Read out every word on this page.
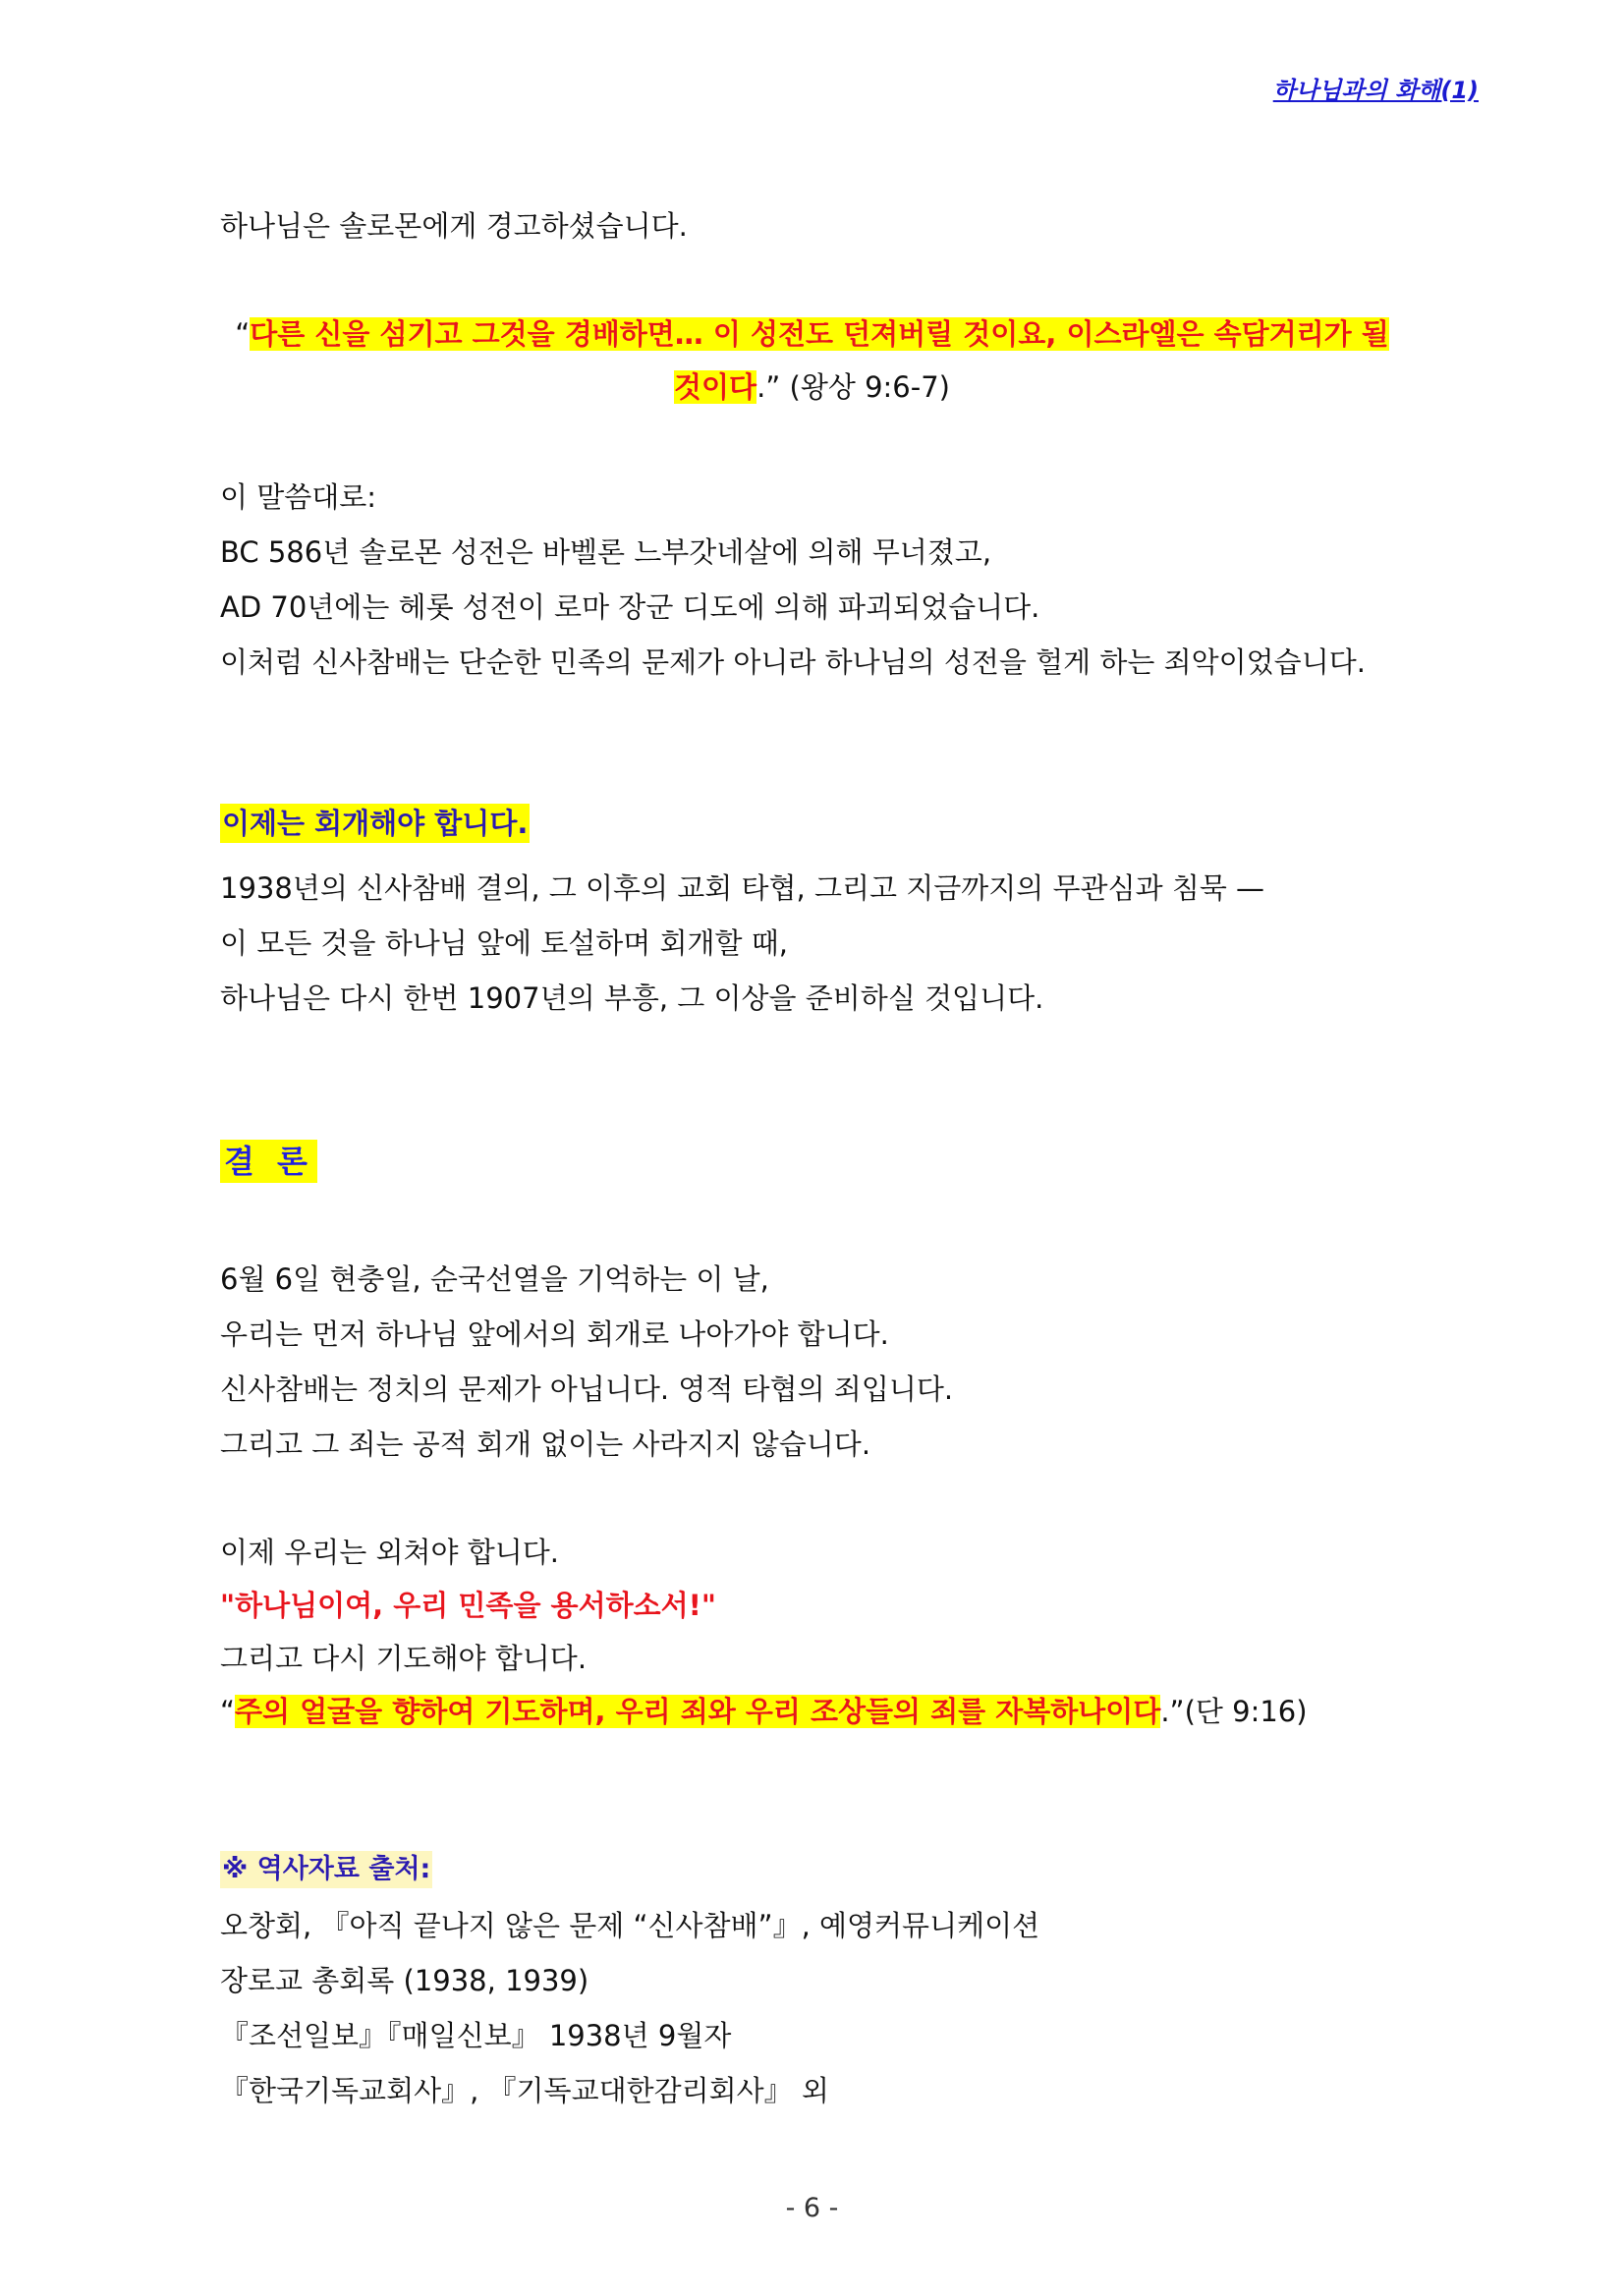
하나님과의 화해(1)
하나님은 솔로몬에게 경고하셨습니다.
“다른 신을 섬기고 그것을 경배하면… 이 성전도 던져버릴 것이요, 이스라엘은 속담거리가 될
것이다.” (왕상 9:6-7)
이 말씀대로:
BC 586년 솔로몬 성전은 바벨론 느부갓네살에 의해 무너졌고,
AD 70년에는 헤롯 성전이 로마 장군 디도에 의해 파괴되었습니다.
이처럼 신사참배는 단순한 민족의 문제가 아니라 하나님의 성전을 헐게 하는 죄악이었습니다.
이제는 회개해야 합니다.
1938년의 신사참배 결의, 그 이후의 교회 타협, 그리고 지금까지의 무관심과 침묵 —
이 모든 것을 하나님 앞에 토설하며 회개할 때,
하나님은 다시 한번 1907년의 부흥, 그 이상을 준비하실 것입니다.
결 론
6월 6일 현충일, 순국선열을 기억하는 이 날,
우리는 먼저 하나님 앞에서의 회개로 나아가야 합니다.
신사참배는 정치의 문제가 아닙니다. 영적 타협의 죄입니다.
그리고 그 죄는 공적 회개 없이는 사라지지 않습니다.
이제 우리는 외쳐야 합니다.
"하나님이여, 우리 민족을 용서하소서!"
그리고 다시 기도해야 합니다.
“주의 얼굴을 향하여 기도하며, 우리 죄와 우리 조상들의 죄를 자복하나이다.”(단 9:16)
※ 역사자료 출처:
오창회, 『아직 끝나지 않은 문제 “신사참배”』, 예영커뮤니케이션
장로교 총회록 (1938, 1939)
『조선일보』『매일신보』 1938년 9월자
『한국기독교회사』, 『기독교대한감리회사』 외
- 6 -
